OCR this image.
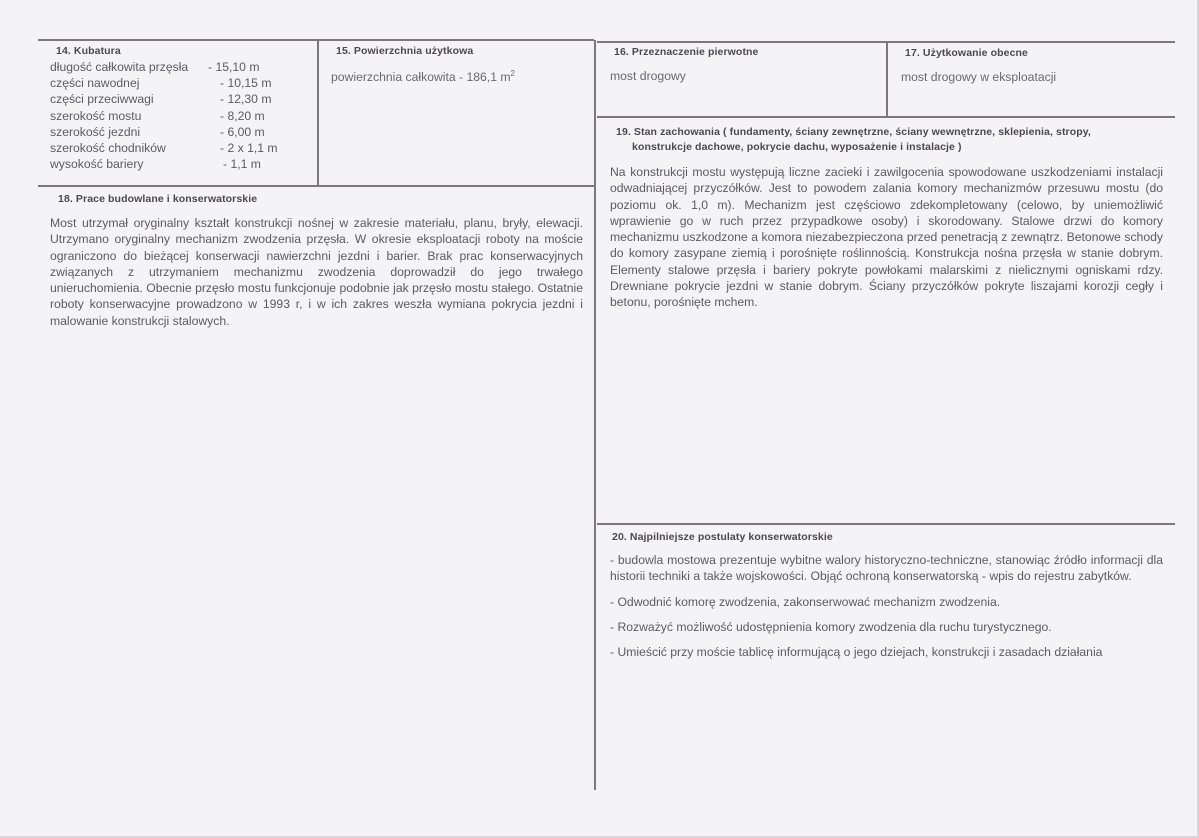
14. Kubatura
długość całkowita przęsła	- 15,10 m
części nawodnej	- 10,15 m
części przeciwwagi	- 12,30 m
szerokość mostu	- 8,20 m
szerokość jezdni	- 6,00 m
szerokość chodników	- 2 x 1,1 m
wysokość bariery	- 1,1 m
15. Powierzchnia użytkowa
powierzchnia całkowita - 186,1 $m^2$
16. Przeznaczenie pierwotne
most drogowy
17. Użytkowanie obecne
most drogowy w eksploatacji
18. Prace budowlane i konserwatorskie
Most utrzymał oryginalny kształt konstrukcji nośnej w zakresie materiału, planu, bryły, elewacji. Utrzymano oryginalny mechanizm zwodzenia przęsła. W okresie eksploatacji roboty na moście ograniczono do bieżącej konserwacji nawierzchni jezdni i barier. Brak prac konserwacyjnych związanych z utrzymaniem mechanizmu zwodzenia doprowadził do jego trwałego unieruchomienia. Obecnie przęsło mostu funkcjonuje podobnie jak przęsło mostu stałego. Ostatnie roboty konserwacyjne prowadzono w 1993 r, i w ich zakres weszła wymiana pokrycia jezdni i malowanie konstrukcji stalowych.
19. Stan zachowania ( fundamenty, ściany zewnętrzne, ściany wewnętrzne, sklepienia, stropy,
konstrukcje dachowe, pokrycie dachu, wyposażenie i instalacje )
Na konstrukcji mostu występują liczne zacieki i zawilgocenia spowodowane uszkodzeniami instalacji odwadniającej przyczółków. Jest to powodem zalania komory mechanizmów przesuwu mostu (do poziomu ok. 1,0 m). Mechanizm jest częściowo zdekompletowany (celowo, by uniemożliwić wprawienie go w ruch przez przypadkowe osoby) i skorodowany. Stalowe drzwi do komory mechanizmu uszkodzone a komora niezabezpieczona przed penetracją z zewnątrz. Betonowe schody do komory zasypane ziemią i porośnięte roślinnością. Konstrukcja nośna przęsła w stanie dobrym. Elementy stalowe przęsła i bariery pokryte powłokami malarskimi z nielicznymi ogniskami rdzy. Drewniane pokrycie jezdni w stanie dobrym. Ściany przyczółków pokryte liszajami korozji cegły i betonu, porośnięte mchem.
20. Najpilniejsze postulaty konserwatorskie

- budowla mostowa prezentuje wybitne walory historyczno-techniczne, stanowiąc źródło informacji dla historii techniki a także wojskowości. Objąć ochroną konserwatorską - wpis do rejestru zabytków.

- Odwodnić komorę zwodzenia, zakonserwować mechanizm zwodzenia.

- Rozważyć możliwość udostępnienia komory zwodzenia dla ruchu turystycznego.

- Umieścić przy moście tablicę informującą o jego dziejach, konstrukcji i zasadach działania
